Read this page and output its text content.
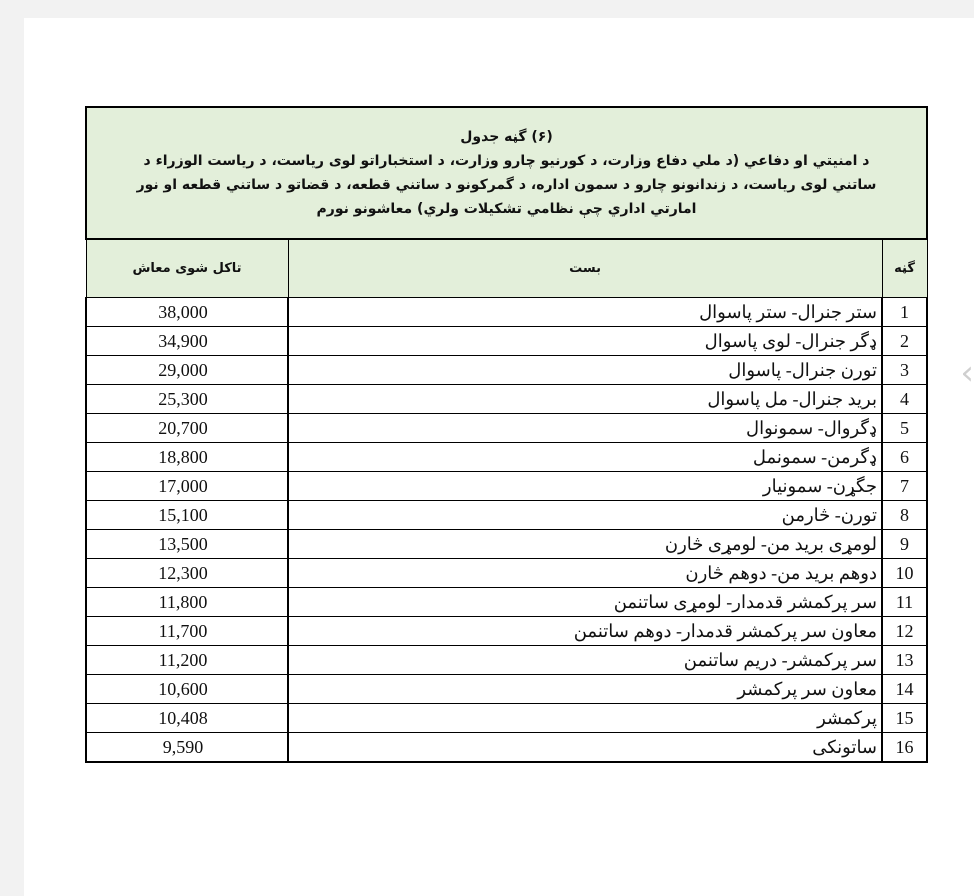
(۶) گڼه جدول
د امنيتي او دفاعي (د ملي دفاع وزارت، د کورنيو چارو وزارت، د استخباراتو لوی رياست، د رياست الوزراء د
ساتني لوی رياست، د زندانونو چارو د سمون اداره، د گمرکونو د ساتني قطعه، د قضاتو د ساتني قطعه او نور
امارتي اداري چې نظامي تشکيلات ولري) معاشونو نورم		

گڼه	بست	تاکل شوی معاش
1	ستر جنرال- ستر پاسوال	38,000
2	ډگر جنرال- لوی پاسوال	34,900
3	تورن جنرال- پاسوال	29,000
4	برید جنرال- مل پاسوال	25,300
5	ډگروال- سمونوال	20,700
6	ډگرمن- سمونمل	18,800
7	جگړن- سمونیار	17,000
8	تورن- څارمن	15,100
9	لومړی برید من- لومړی څارن	13,500
10	دوهم برید من- دوهم څارن	12,300
11	سر پرکمشر قدمدار- لومړی ساتنمن	11,800
12	معاون سر پرکمشر قدمدار- دوهم ساتنمن	11,700
13	سر پرکمشر- دریم ساتنمن	11,200
14	معاون سر پرکمشر	10,600
15	پرکمشر	10,408
16	ساتونکی	9,590
‹
